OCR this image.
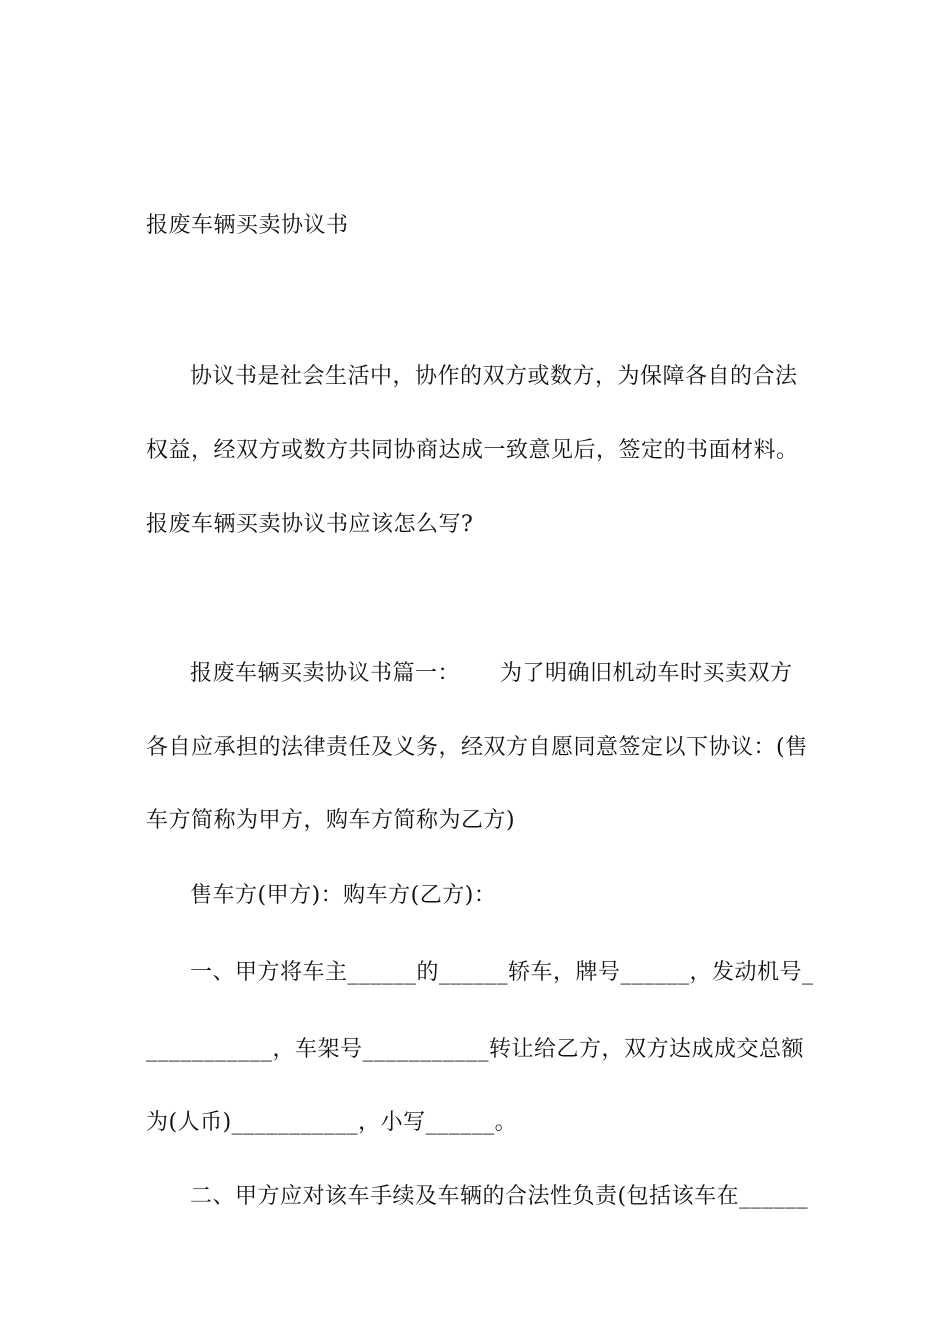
报废车辆买卖协议书
协议书是社会生活中，协作的双方或数方，为保障各自的合法
权益，经双方或数方共同协商达成一致意见后，签定的书面材料。
报废车辆买卖协议书应该怎么写?
报废车辆买卖协议书篇一： 为了明确旧机动车时买卖双方
各自应承担的法律责任及义务，经双方自愿同意签定以下协议：(售
车方简称为甲方，购车方简称为乙方)
售车方(甲方)：购车方(乙方)：
一、甲方将车主______的______轿车，牌号______，发动机号_
___________，车架号___________转让给乙方，双方达成成交总额
为(人币)___________，小写______。
二、甲方应对该车手续及车辆的合法性负责(包括该车在______
